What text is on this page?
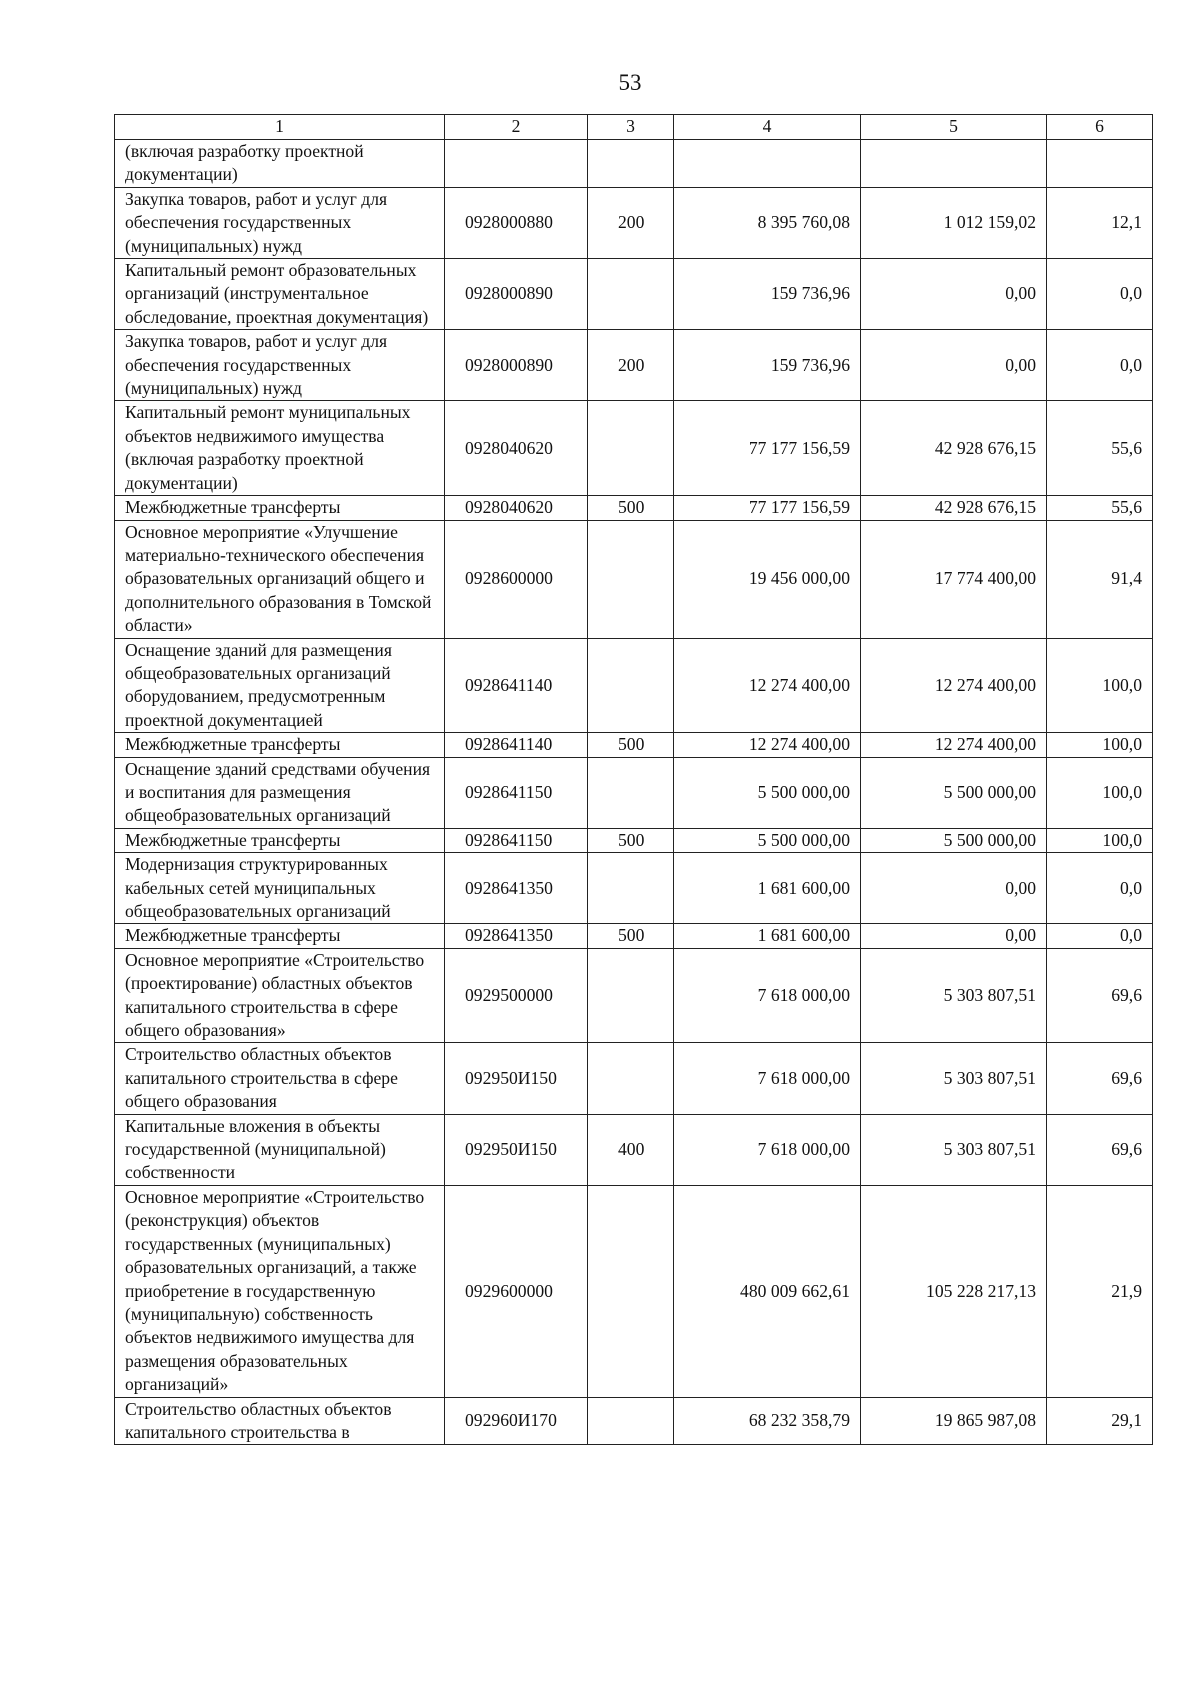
53
1	2	3	4	5	6
(включая разработку проектной документации)					
Закупка товаров, работ и услуг для обеспечения государственных (муниципальных) нужд	0928000880	200	8 395 760,08	1 012 159,02	12,1
Капитальный ремонт образовательных организаций (инструментальное обследование, проектная документация)	0928000890		159 736,96	0,00	0,0
Закупка товаров, работ и услуг для обеспечения государственных (муниципальных) нужд	0928000890	200	159 736,96	0,00	0,0
Капитальный ремонт муниципальных объектов недвижимого имущества (включая разработку проектной документации)	0928040620		77 177 156,59	42 928 676,15	55,6
Межбюджетные трансферты	0928040620	500	77 177 156,59	42 928 676,15	55,6
Основное мероприятие «Улучшение материально-технического обеспечения образовательных организаций общего и дополнительного образования в Томской области»	0928600000		19 456 000,00	17 774 400,00	91,4
Оснащение зданий для размещения общеобразовательных организаций оборудованием, предусмотренным проектной документацией	0928641140		12 274 400,00	12 274 400,00	100,0
Межбюджетные трансферты	0928641140	500	12 274 400,00	12 274 400,00	100,0
Оснащение зданий средствами обучения и воспитания для размещения общеобразовательных организаций	0928641150		5 500 000,00	5 500 000,00	100,0
Межбюджетные трансферты	0928641150	500	5 500 000,00	5 500 000,00	100,0
Модернизация структурированных кабельных сетей муниципальных общеобразовательных организаций	0928641350		1 681 600,00	0,00	0,0
Межбюджетные трансферты	0928641350	500	1 681 600,00	0,00	0,0
Основное мероприятие «Строительство (проектирование) областных объектов капитального строительства в сфере общего образования»	0929500000		7 618 000,00	5 303 807,51	69,6
Строительство областных объектов капитального строительства в сфере общего образования	092950И150		7 618 000,00	5 303 807,51	69,6
Капитальные вложения в объекты государственной (муниципальной) собственности	092950И150	400	7 618 000,00	5 303 807,51	69,6
Основное мероприятие «Строительство (реконструкция) объектов государственных (муниципальных) образовательных организаций, а также приобретение в государственную (муниципальную) собственность объектов недвижимого имущества для размещения образовательных организаций»	0929600000		480 009 662,61	105 228 217,13	21,9
Строительство областных объектов капитального строительства в	092960И170		68 232 358,79	19 865 987,08	29,1
